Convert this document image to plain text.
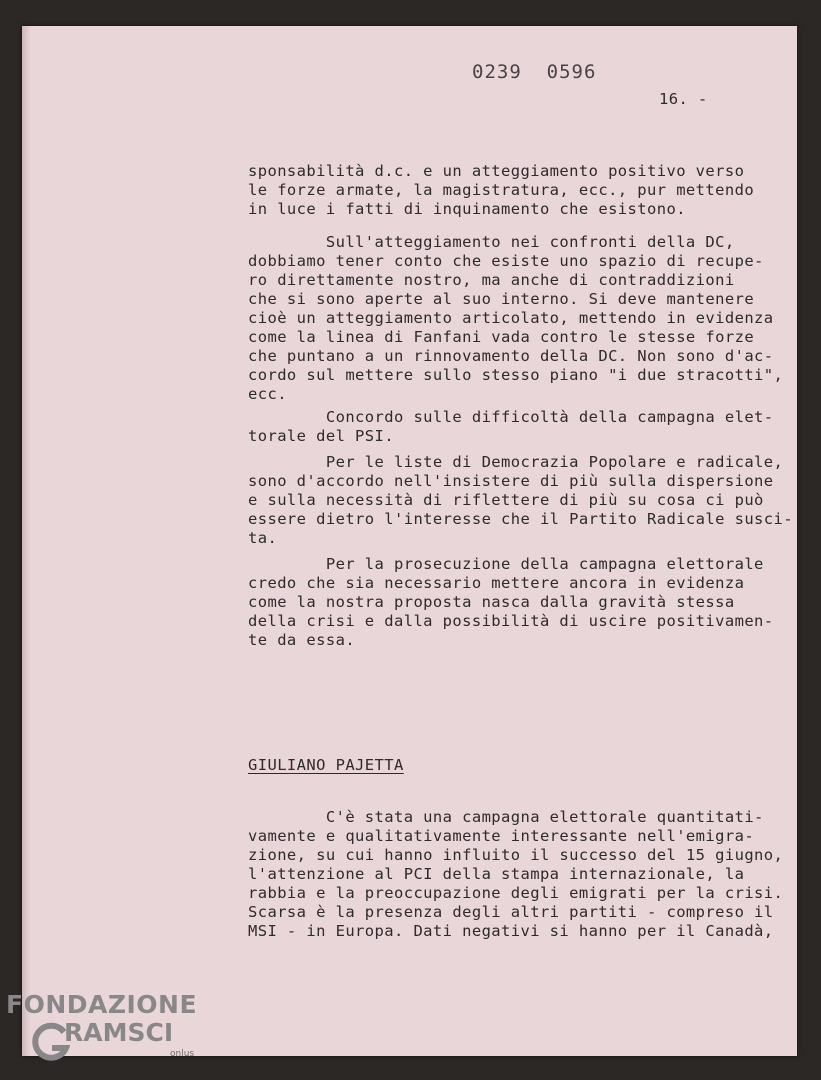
0239  0596
16. -
sponsabilità d.c. e un atteggiamento positivo verso
le forze armate, la magistratura, ecc., pur mettendo
in luce i fatti di inquinamento che esistono.
Sull'atteggiamento nei confronti della DC,
dobbiamo tener conto che esiste uno spazio di recupe-
ro direttamente nostro, ma anche di contraddizioni
che si sono aperte al suo interno. Si deve mantenere
cioè un atteggiamento articolato, mettendo in evidenza
come la linea di Fanfani vada contro le stesse forze
che puntano a un rinnovamento della DC. Non sono d'ac-
cordo sul mettere sullo stesso piano "i due stracotti",
ecc.
Concordo sulle difficoltà della campagna elet-
torale del PSI.
Per le liste di Democrazia Popolare e radicale,
sono d'accordo nell'insistere di più sulla dispersione
e sulla necessità di riflettere di più su cosa ci può
essere dietro l'interesse che il Partito Radicale susci-
ta.
Per la prosecuzione della campagna elettorale
credo che sia necessario mettere ancora in evidenza
come la nostra proposta nasca dalla gravità stessa
della crisi e dalla possibilità di uscire positivamen-
te da essa.
GIULIANO PAJETTA
C'è stata una campagna elettorale quantitati-
vamente e qualitativamente interessante nell'emigra-
zione, su cui hanno influito il successo del 15 giugno,
l'attenzione al PCI della stampa internazionale, la
rabbia e la preoccupazione degli emigrati per la crisi.
Scarsa è la presenza degli altri partiti - compreso il
MSI - in Europa. Dati negativi si hanno per il Canadà,
FONDAZIONE
RAMSCI
onlus
